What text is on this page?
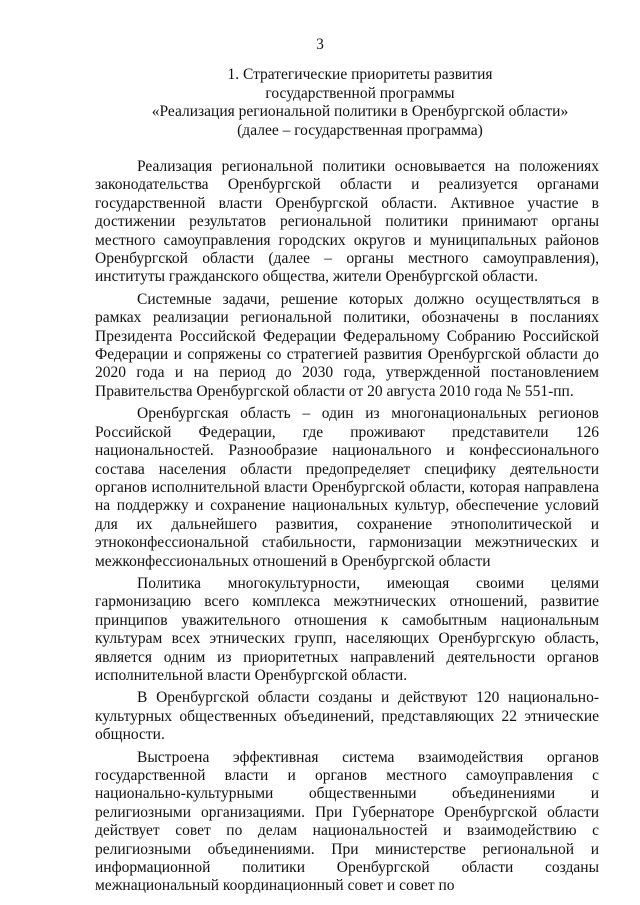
3
1. Стратегические приоритеты развития
государственной программы
«Реализация региональной политики в Оренбургской области»
(далее – государственная программа)

Реализация региональной политики основывается на положениях законодательства Оренбургской области и реализуется органами государственной власти Оренбургской области. Активное участие в достижении результатов региональной политики принимают органы местного самоуправления городских округов и муниципальных районов Оренбургской области (далее – органы местного самоуправления), институты гражданского общества, жители Оренбургской области.

Системные задачи, решение которых должно осуществляться в рамках реализации региональной политики, обозначены в посланиях Президента Российской Федерации Федеральному Собранию Российской Федерации и сопряжены со стратегией развития Оренбургской области до 2020 года и на период до 2030 года, утвержденной постановлением Правительства Оренбургской области от 20 августа 2010 года № 551-пп.

Оренбургская область – один из многонациональных регионов Российской Федерации, где проживают представители 126 национальностей. Разнообразие национального и конфессионального состава населения области предопределяет специфику деятельности органов исполнительной власти Оренбургской области, которая направлена на поддержку и сохранение национальных культур, обеспечение условий для их дальнейшего развития, сохранение этнополитической и этноконфессиональной стабильности, гармонизации межэтнических и межконфессиональных отношений в Оренбургской области

Политика многокультурности, имеющая своими целями гармонизацию всего комплекса межэтнических отношений, развитие принципов уважительного отношения к самобытным национальным культурам всех этнических групп, населяющих Оренбургскую область, является одним из приоритетных направлений деятельности органов исполнительной власти Оренбургской области.

В Оренбургской области созданы и действуют 120 национально-культурных общественных объединений, представляющих 22 этнические общности.

Выстроена эффективная система взаимодействия органов государственной власти и органов местного самоуправления с национально-культурными общественными объединениями и религиозными организациями. При Губернаторе Оренбургской области действует совет по делам национальностей и взаимодействию с религиозными объединениями. При министерстве региональной и информационной политики Оренбургской области созданы межнациональный координационный совет и совет по
